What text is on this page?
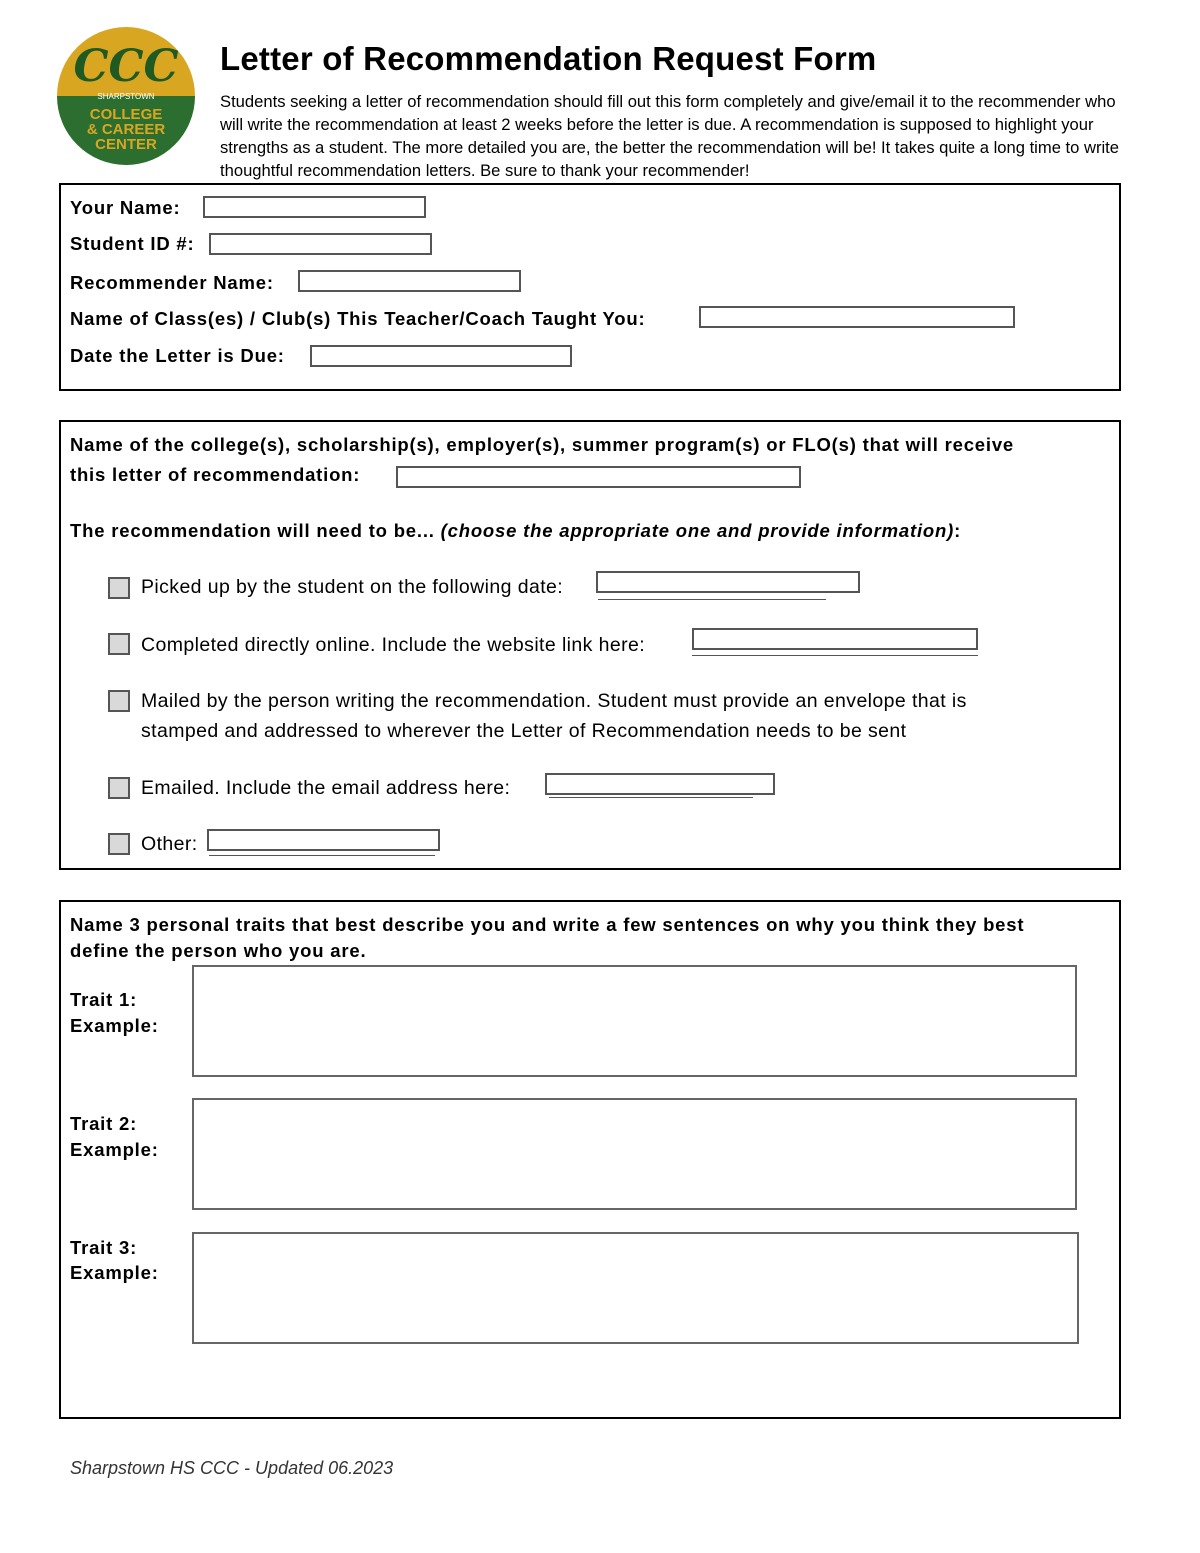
CCC
SHARPSTOWN
COLLEGE
& CAREER
CENTER
Letter of Recommendation Request Form
Students seeking a letter of recommendation should fill out this form completely and give/email it to the recommender who will write the recommendation at least 2 weeks before the letter is due. A recommendation is supposed to highlight your strengths as a student. The more detailed you are, the better the recommendation will be! It takes quite a long time to write thoughtful recommendation letters. Be sure to thank your recommender!
Your Name:
Student ID #:
Recommender Name:
Name of Class(es) / Club(s) This Teacher/Coach Taught You:
Date the Letter is Due:
Name of the college(s), scholarship(s), employer(s), summer program(s) or FLO(s) that will receive
this letter of recommendation:
The recommendation will need to be... (choose the appropriate one and provide information):
Picked up by the student on the following date:
Completed directly online. Include the website link here:
Mailed by the person writing the recommendation. Student must provide an envelope that is
stamped and addressed to wherever the Letter of Recommendation needs to be sent
Emailed. Include the email address here:
Other:
Name 3 personal traits that best describe you and write a few sentences on why you think they best
define the person who you are.
Trait 1:
Example:
Trait 2:
Example:
Trait 3:
Example:
Sharpstown HS CCC - Updated 06.2023
